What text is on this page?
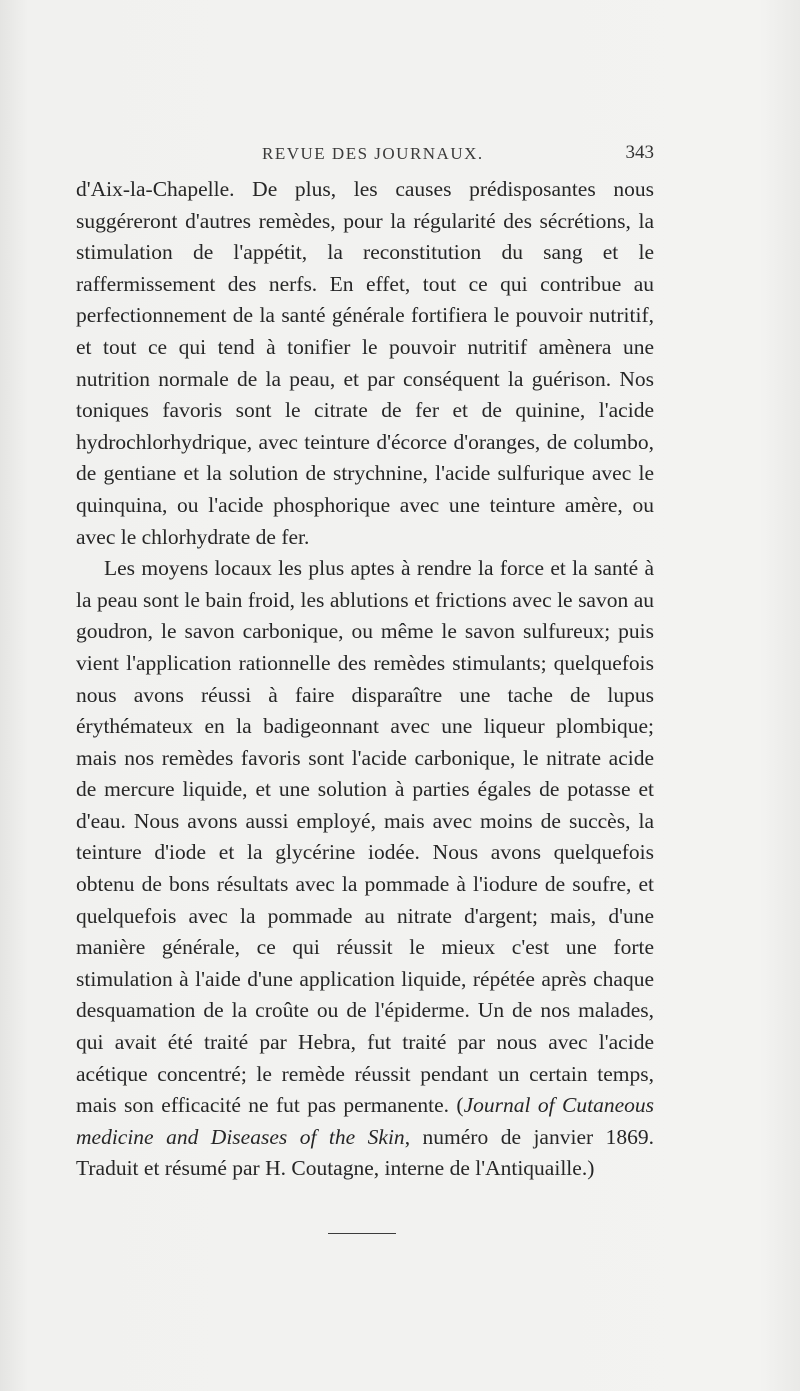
REVUE DES JOURNAUX.	343

d'Aix-la-Chapelle. De plus, les causes prédisposantes nous suggéreront d'autres remèdes, pour la régularité des sécrétions, la stimulation de l'appétit, la reconstitution du sang et le raffermissement des nerfs. En effet, tout ce qui contribue au perfectionnement de la santé générale fortifiera le pouvoir nutritif, et tout ce qui tend à tonifier le pouvoir nutritif amènera une nutrition normale de la peau, et par conséquent la guérison. Nos toniques favoris sont le citrate de fer et de quinine, l'acide hydrochlorhydrique, avec teinture d'écorce d'oranges, de columbo, de gentiane et la solution de strychnine, l'acide sulfurique avec le quinquina, ou l'acide phosphorique avec une teinture amère, ou avec le chlorhydrate de fer.

Les moyens locaux les plus aptes à rendre la force et la santé à la peau sont le bain froid, les ablutions et frictions avec le savon au goudron, le savon carbonique, ou même le savon sulfureux; puis vient l'application rationnelle des remèdes stimulants; quelquefois nous avons réussi à faire disparaître une tache de lupus érythémateux en la badigeonnant avec une liqueur plombique; mais nos remèdes favoris sont l'acide carbonique, le nitrate acide de mercure liquide, et une solution à parties égales de potasse et d'eau. Nous avons aussi employé, mais avec moins de succès, la teinture d'iode et la glycérine iodée. Nous avons quelquefois obtenu de bons résultats avec la pommade à l'iodure de soufre, et quelquefois avec la pommade au nitrate d'argent; mais, d'une manière générale, ce qui réussit le mieux c'est une forte stimulation à l'aide d'une application liquide, répétée après chaque desquamation de la croûte ou de l'épiderme. Un de nos malades, qui avait été traité par Hebra, fut traité par nous avec l'acide acétique concentré; le remède réussit pendant un certain temps, mais son efficacité ne fut pas permanente. (Journal of Cutaneous medicine and Diseases of the Skin, numéro de janvier 1869. Traduit et résumé par H. Coutagne, interne de l'Antiquaille.)
